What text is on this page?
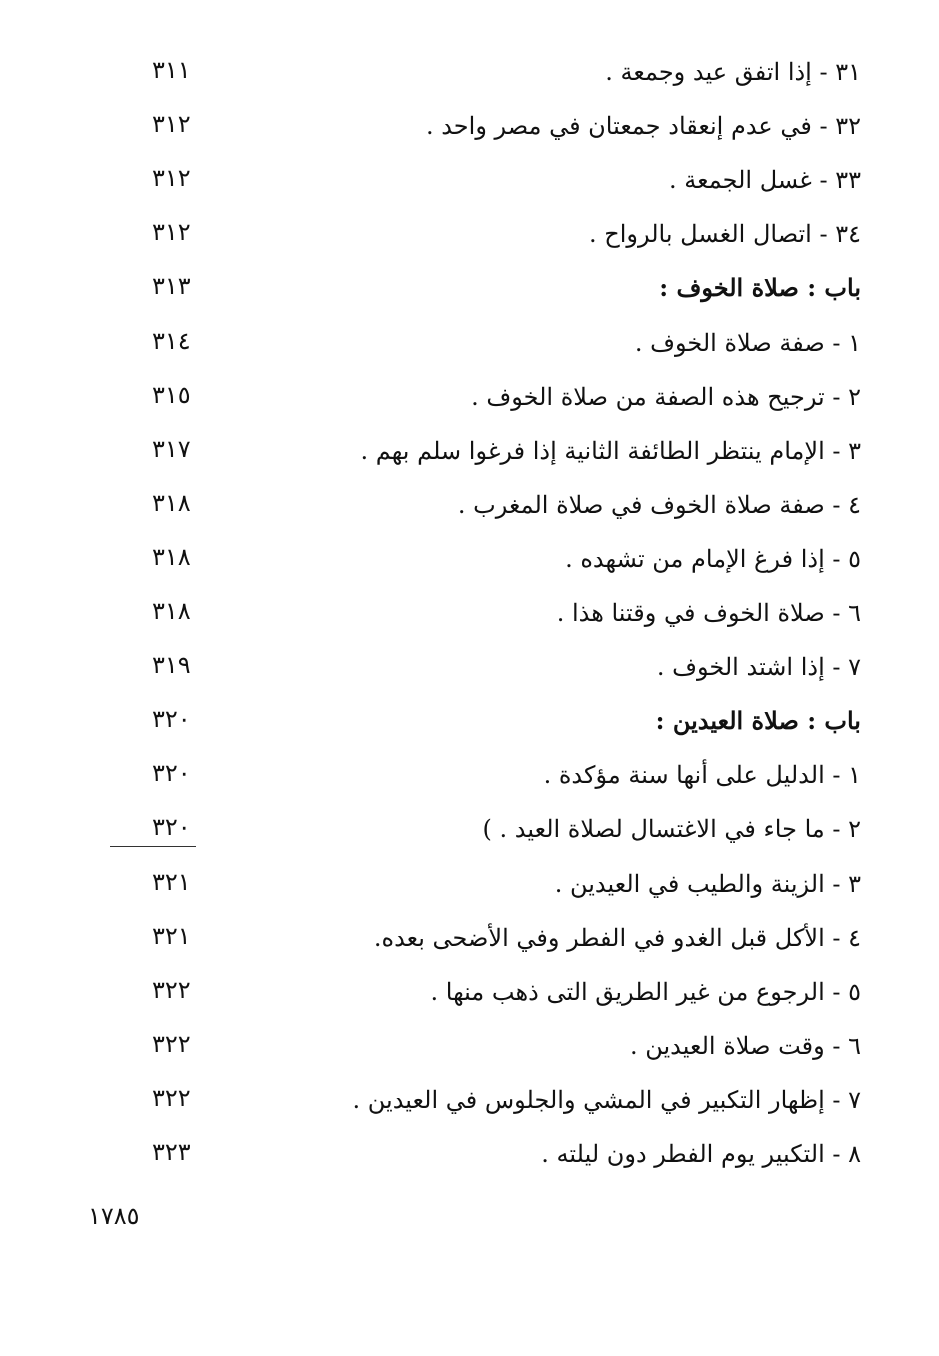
٣١ - إذا اتفق عيد وجمعة .
٣١١
٣٢ - في عدم إنعقاد جمعتان في مصر واحد .
٣١٢
٣٣ - غسل الجمعة .
٣١٢
٣٤ - اتصال الغسل بالرواح .
٣١٢
باب : صلاة الخوف :
٣١٣
١ - صفة صلاة الخوف .
٣١٤
٢ - ترجيح هذه الصفة من صلاة الخوف .
٣١٥
٣ - الإمام ينتظر الطائفة الثانية إذا فرغوا سلم بهم .
٣١٧
٤ - صفة صلاة الخوف في صلاة المغرب .
٣١٨
٥ - إذا فرغ الإمام من تشهده .
٣١٨
٦ - صلاة الخوف في وقتنا هذا .
٣١٨
٧ - إذا اشتد الخوف .
٣١٩
باب : صلاة العيدين :
٣٢٠
١ - الدليل على أنها سنة مؤكدة .
٣٢٠
٢ - ما جاء في الاغتسال لصلاة العيد . )
٣٢٠
٣ - الزينة والطيب في العيدين .
٣٢١
٤ - الأكل قبل الغدو في الفطر وفي الأضحى بعده.
٣٢١
٥ - الرجوع من غير الطريق التى ذهب منها .
٣٢٢
٦ - وقت صلاة العيدين .
٣٢٢
٧ - إظهار التكبير في المشي والجلوس في العيدين .
٣٢٢
٨ - التكبير يوم الفطر دون ليلته .
٣٢٣
١٧٨٥
